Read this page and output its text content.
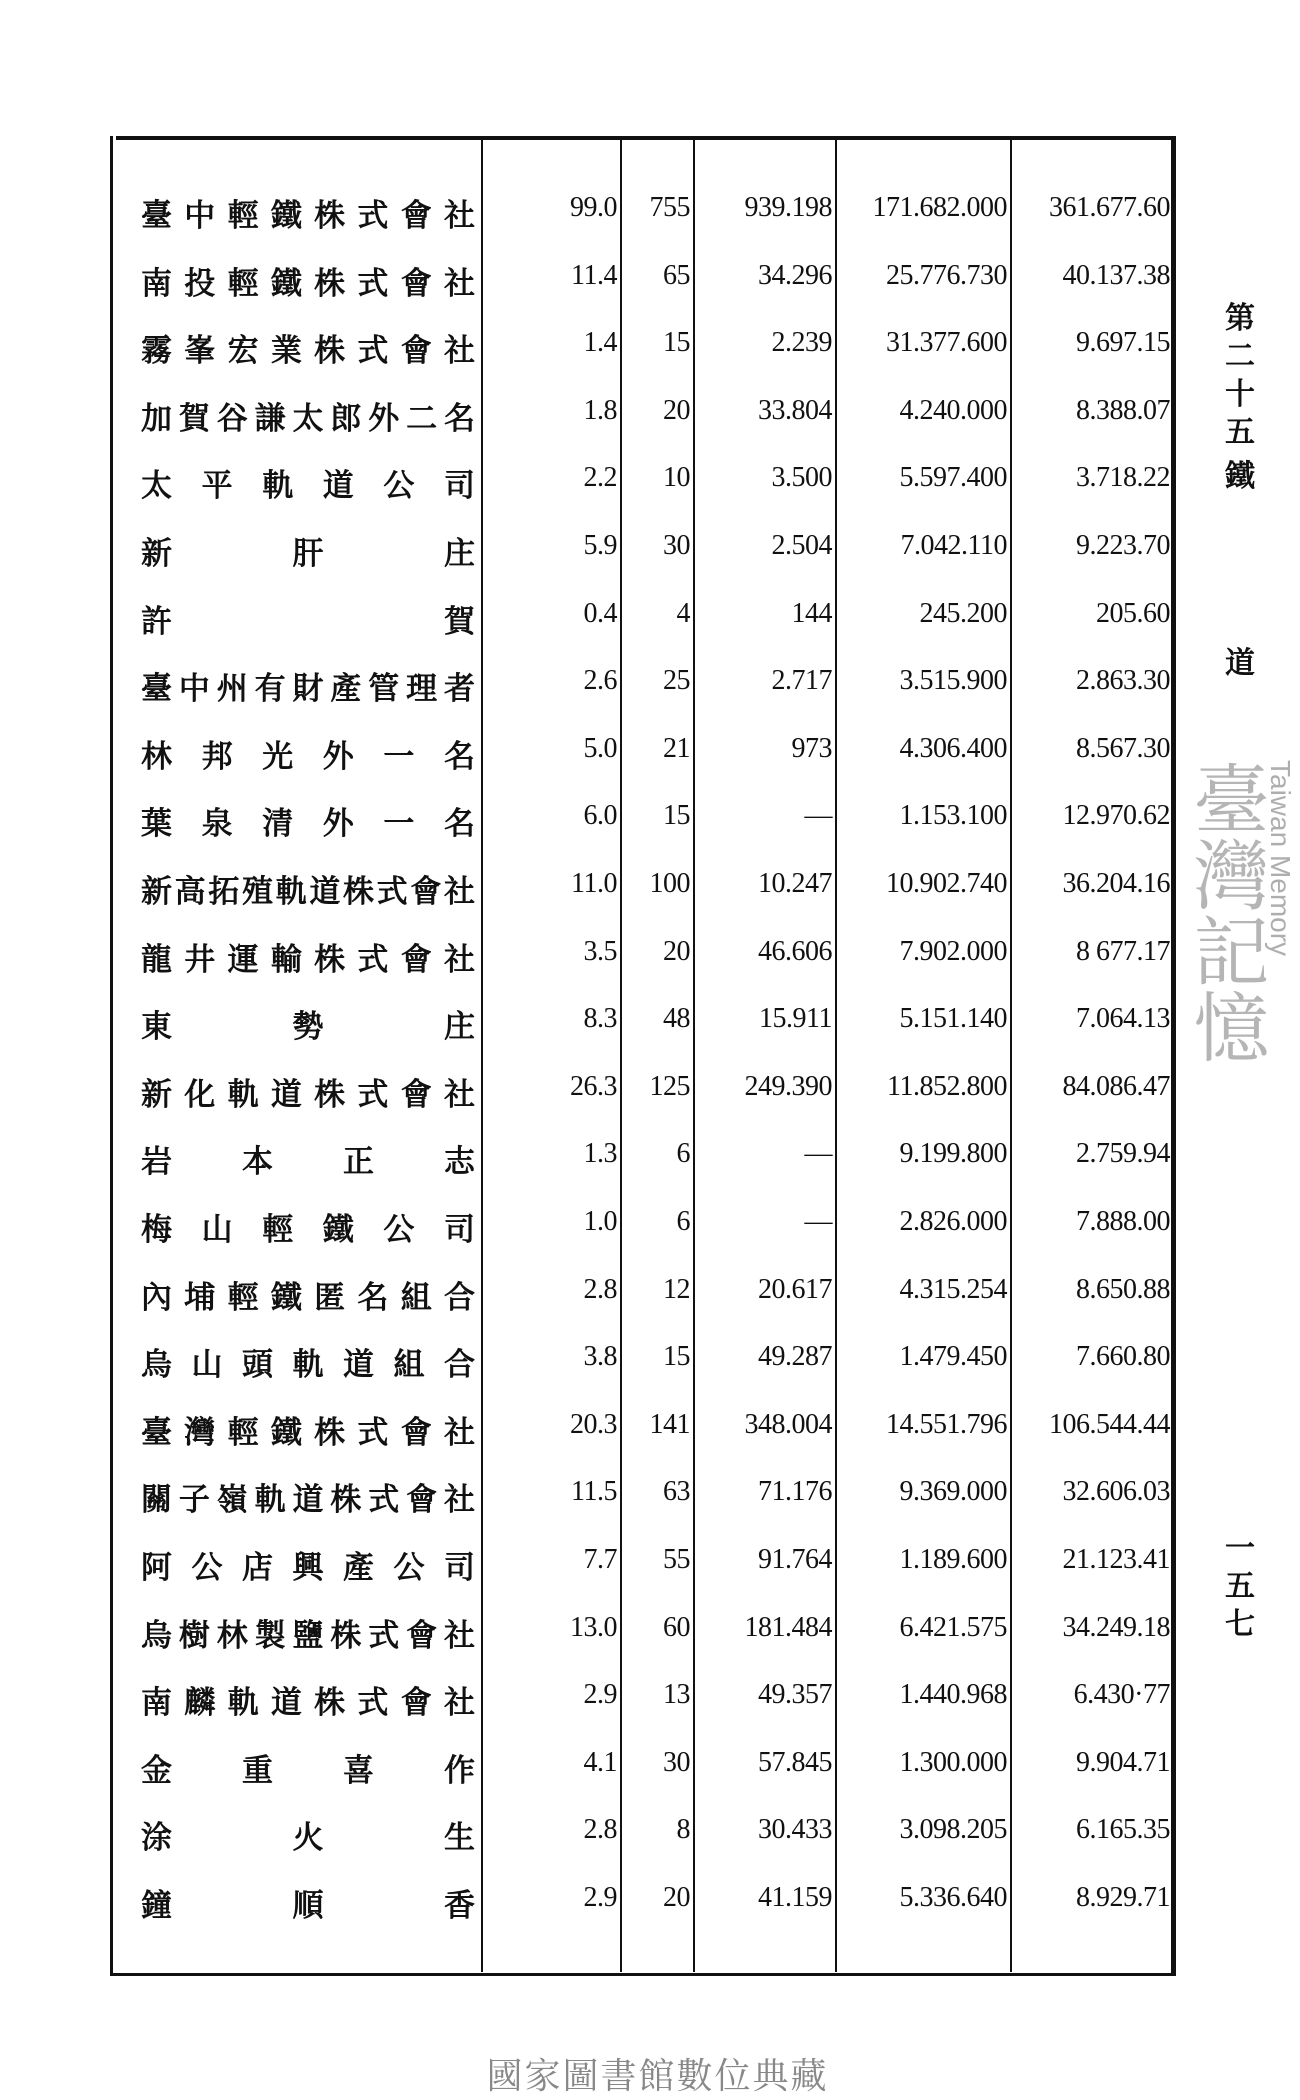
臺中輕鐵株式會社	99.0	755	939.198	171.682.000	361.677.60
南投輕鐵株式會社	11.4	65	34.296	25.776.730	40.137.38
霧峯宏業株式會社	1.4	15	2.239	31.377.600	9.697.15
加賀谷謙太郎外二名	1.8	20	33.804	4.240.000	8.388.07
太平軌道公司	2.2	10	3.500	5.597.400	3.718.22
新肝庄	5.9	30	2.504	7.042.110	9.223.70
許賀	0.4	4	144	245.200	205.60
臺中州有財產管理者	2.6	25	2.717	3.515.900	2.863.30
林邦光外一名	5.0	21	973	4.306.400	8.567.30
葉泉清外一名	6.0	15	—	1.153.100	12.970.62
新高拓殖軌道株式會社	11.0	100	10.247	10.902.740	36.204.16
龍井運輸株式會社	3.5	20	46.606	7.902.000	8 677.17
東勢庄	8.3	48	15.911	5.151.140	7.064.13
新化軌道株式會社	26.3	125	249.390	11.852.800	84.086.47
岩本正志	1.3	6	—	9.199.800	2.759.94
梅山輕鐵公司	1.0	6	—	2.826.000	7.888.00
內埔輕鐵匿名組合	2.8	12	20.617	4.315.254	8.650.88
烏山頭軌道組合	3.8	15	49.287	1.479.450	7.660.80
臺灣輕鐵株式會社	20.3	141	348.004	14.551.796	106.544.44
關子嶺軌道株式會社	11.5	63	71.176	9.369.000	32.606.03
阿公店興產公司	7.7	55	91.764	1.189.600	21.123.41
烏樹林製鹽株式會社	13.0	60	181.484	6.421.575	34.249.18
南麟軌道株式會社	2.9	13	49.357	1.440.968	6.430·77
金重喜作	4.1	30	57.845	1.300.000	9.904.71
涂火生	2.8	8	30.433	3.098.205	6.165.35
鐘順香	2.9	20	41.159	5.336.640	8.929.71
第
二
十
五
鐵
道
一
五
七
臺灣記憶
Taiwan Memory
國家圖書館數位典藏
